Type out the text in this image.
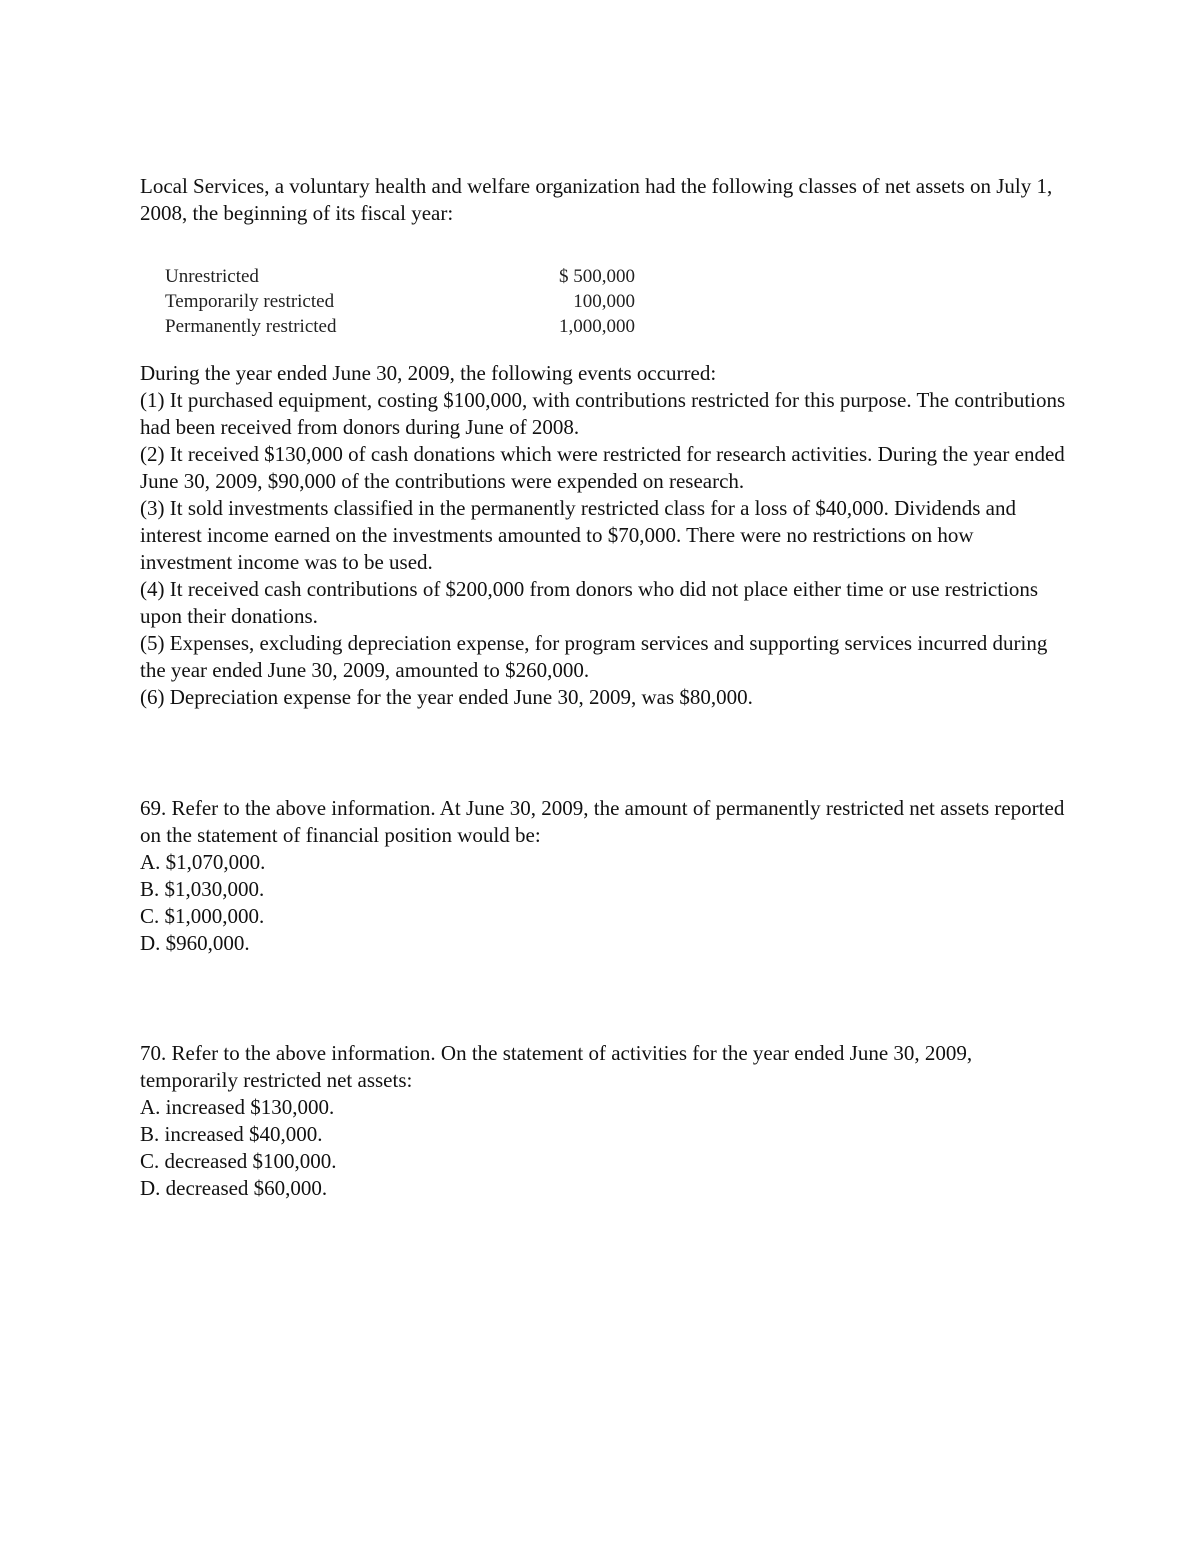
Local Services, a voluntary health and welfare organization had the following classes of net assets on July 1, 2008, the beginning of its fiscal year:

Unrestricted	$ 500,000
Temporarily restricted	100,000
Permanently restricted	1,000,000

During the year ended June 30, 2009, the following events occurred:

(1) It purchased equipment, costing $100,000, with contributions restricted for this purpose. The contributions had been received from donors during June of 2008.

(2) It received $130,000 of cash donations which were restricted for research activities. During the year ended June 30, 2009, $90,000 of the contributions were expended on research.

(3) It sold investments classified in the permanently restricted class for a loss of $40,000. Dividends and interest income earned on the investments amounted to $70,000. There were no restrictions on how investment income was to be used.

(4) It received cash contributions of $200,000 from donors who did not place either time or use restrictions upon their donations.

(5) Expenses, excluding depreciation expense, for program services and supporting services incurred during the year ended June 30, 2009, amounted to $260,000.

(6) Depreciation expense for the year ended June 30, 2009, was $80,000.

69. Refer to the above information. At June 30, 2009, the amount of permanently restricted net assets reported on the statement of financial position would be:

A. $1,070,000.
B. $1,030,000.
C. $1,000,000.
D. $960,000.

70. Refer to the above information. On the statement of activities for the year ended June 30, 2009, temporarily restricted net assets:

A. increased $130,000.
B. increased $40,000.
C. decreased $100,000.
D. decreased $60,000.
